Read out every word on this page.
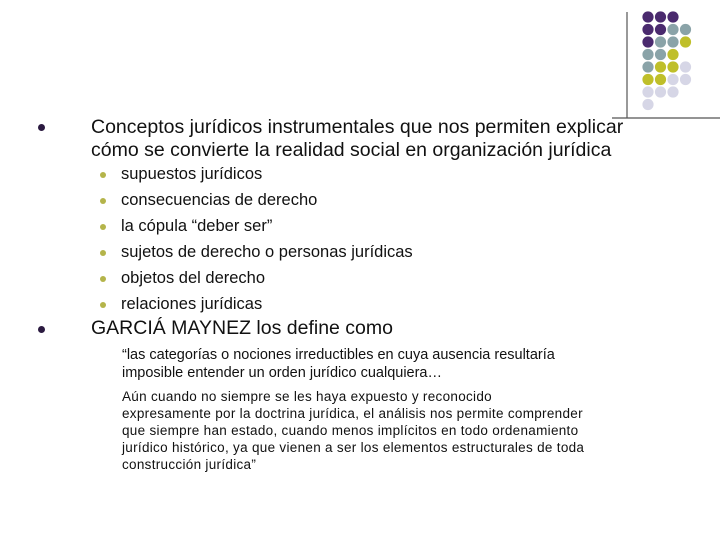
Conceptos jurídicos instrumentales que nos permiten explicar
cómo se convierte la realidad social en organización jurídica
supuestos jurídicos
consecuencias de derecho
la cópula “deber ser”
sujetos de derecho o personas jurídicas
objetos del derecho
relaciones jurídicas
GARCIÁ MAYNEZ los define como
“las categorías o nociones irreductibles en cuya ausencia resultaría
imposible entender un orden jurídico cualquiera…
Aún cuando no siempre se les haya expuesto y reconocido
expresamente por la doctrina jurídica, el análisis nos permite comprender
que siempre han estado, cuando menos implícitos en todo ordenamiento
jurídico histórico, ya que vienen a ser los elementos estructurales de toda
construcción jurídica”
